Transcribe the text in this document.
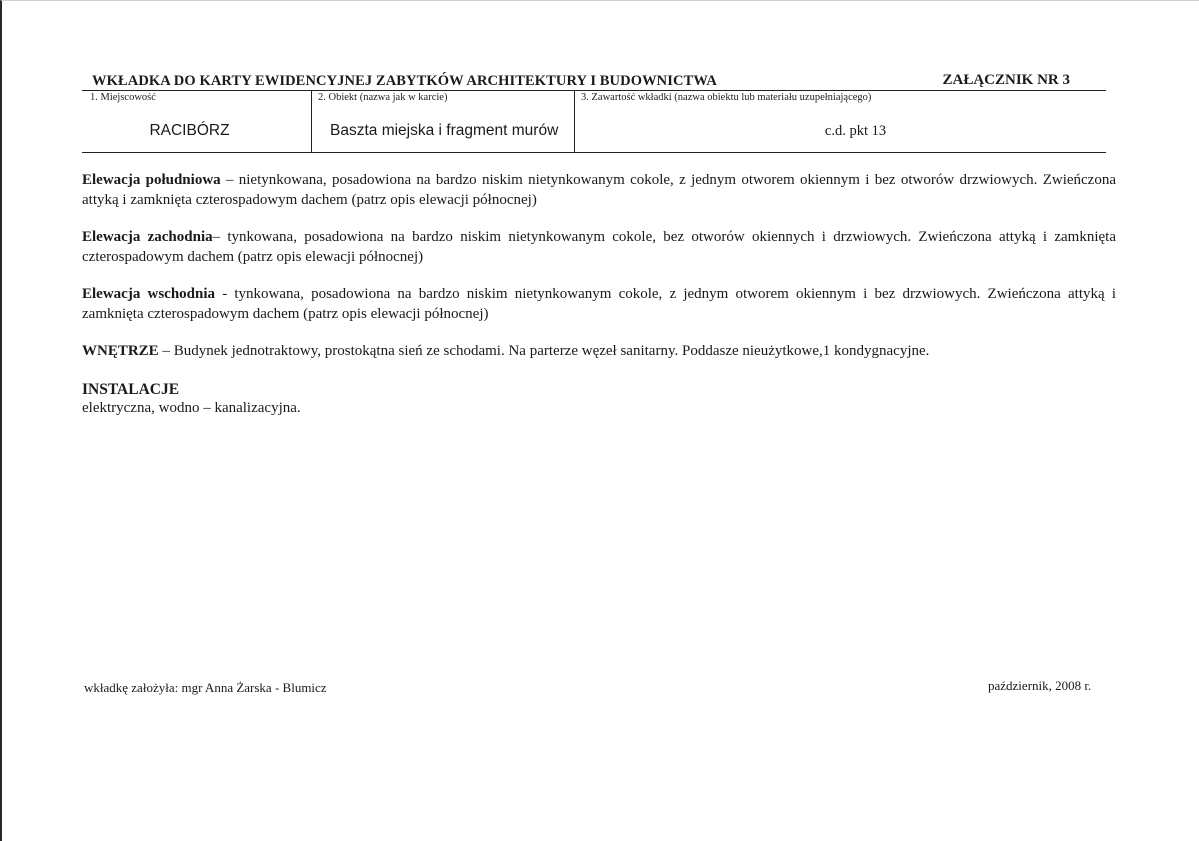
WKŁADKA DO KARTY EWIDENCYJNEJ ZABYTKÓW ARCHITEKTURY I BUDOWNICTWA	ZAŁĄCZNIK NR 3
1. Miejscowość
RACIBÓRZ
2. Obiekt (nazwa jak w karcie)
Baszta miejska i fragment murów
3. Zawartość wkładki (nazwa obiektu lub materiału uzupełniającego)
c.d. pkt 13

Elewacja południowa – nietynkowana, posadowiona na bardzo niskim nietynkowanym cokole, z jednym otworem okiennym i bez otworów drzwiowych. Zwieńczona attyką i zamknięta czterospadowym dachem (patrz opis elewacji północnej)

Elewacja zachodnia– tynkowana, posadowiona na bardzo niskim nietynkowanym cokole, bez otworów okiennych i drzwiowych. Zwieńczona attyką i zamknięta czterospadowym dachem (patrz opis elewacji północnej)

Elewacja wschodnia - tynkowana, posadowiona na bardzo niskim nietynkowanym cokole, z jednym otworem okiennym i bez drzwiowych. Zwieńczona attyką i zamknięta czterospadowym dachem (patrz opis elewacji północnej)

WNĘTRZE – Budynek jednotraktowy, prostokątna sień ze schodami. Na parterze węzeł sanitarny. Poddasze nieużytkowe,1 kondygnacyjne.

INSTALACJE
elektryczna, wodno – kanalizacyjna.

wkładkę założyła: mgr Anna Żarska - Blumicz	październik, 2008 r.
